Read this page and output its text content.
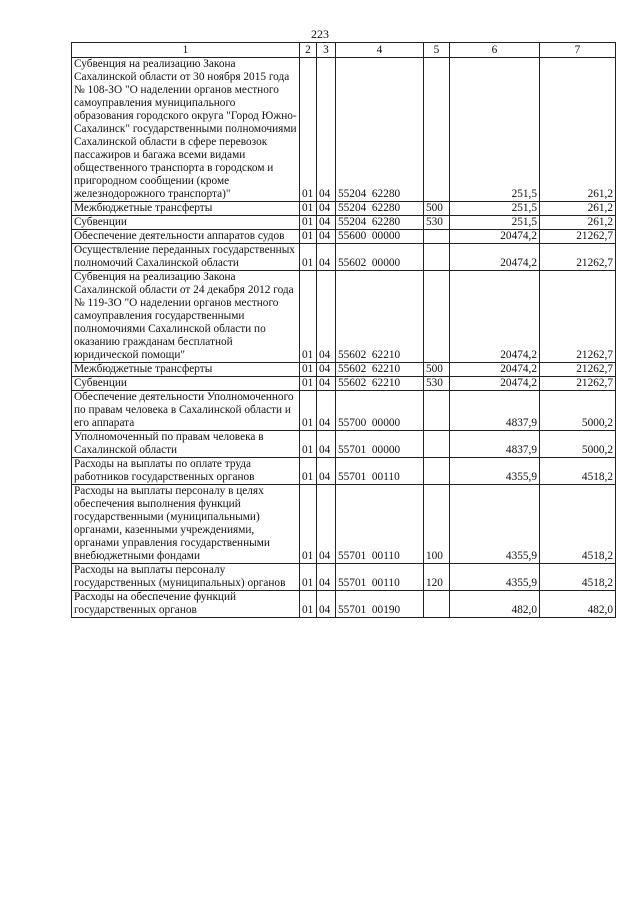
223
1	2	3	4	5	6	7
Субвенция на реализацию Закона Сахалинской области от 30 ноября 2015 года № 108-ЗО "О наделении органов местного самоуправления муниципального образования городского округа "Город Южно-Сахалинск" государственными полномочиями Сахалинской области в сфере перевозок пассажиров и багажа всеми видами общественного транспорта в городском и пригородном сообщении (кроме железнодорожного транспорта)"	01	04	55204  62280		251,5	261,2
Межбюджетные трансферты	01	04	55204  62280	500	251,5	261,2
Субвенции	01	04	55204  62280	530	251,5	261,2
Обеспечение деятельности аппаратов судов	01	04	55600  00000		20474,2	21262,7
Осуществление переданных государственных полномочий Сахалинской области	01	04	55602  00000		20474,2	21262,7
Субвенция на реализацию Закона Сахалинской области от 24 декабря 2012 года № 119-ЗО "О наделении органов местного самоуправления государственными полномочиями Сахалинской области по оказанию гражданам бесплатной юридической помощи"	01	04	55602  62210		20474,2	21262,7
Межбюджетные трансферты	01	04	55602  62210	500	20474,2	21262,7
Субвенции	01	04	55602  62210	530	20474,2	21262,7
Обеспечение деятельности Уполномоченного по правам человека в Сахалинской области и его аппарата	01	04	55700  00000		4837,9	5000,2
Уполномоченный по правам человека в Сахалинской области	01	04	55701  00000		4837,9	5000,2
Расходы на выплаты по оплате труда работников государственных органов	01	04	55701  00110		4355,9	4518,2
Расходы на выплаты персоналу в целях обеспечения выполнения функций государственными (муниципальными) органами, казенными учреждениями, органами управления государственными внебюджетными фондами	01	04	55701  00110	100	4355,9	4518,2
Расходы на выплаты персоналу государственных (муниципальных) органов	01	04	55701  00110	120	4355,9	4518,2
Расходы на обеспечение функций государственных органов	01	04	55701  00190		482,0	482,0
